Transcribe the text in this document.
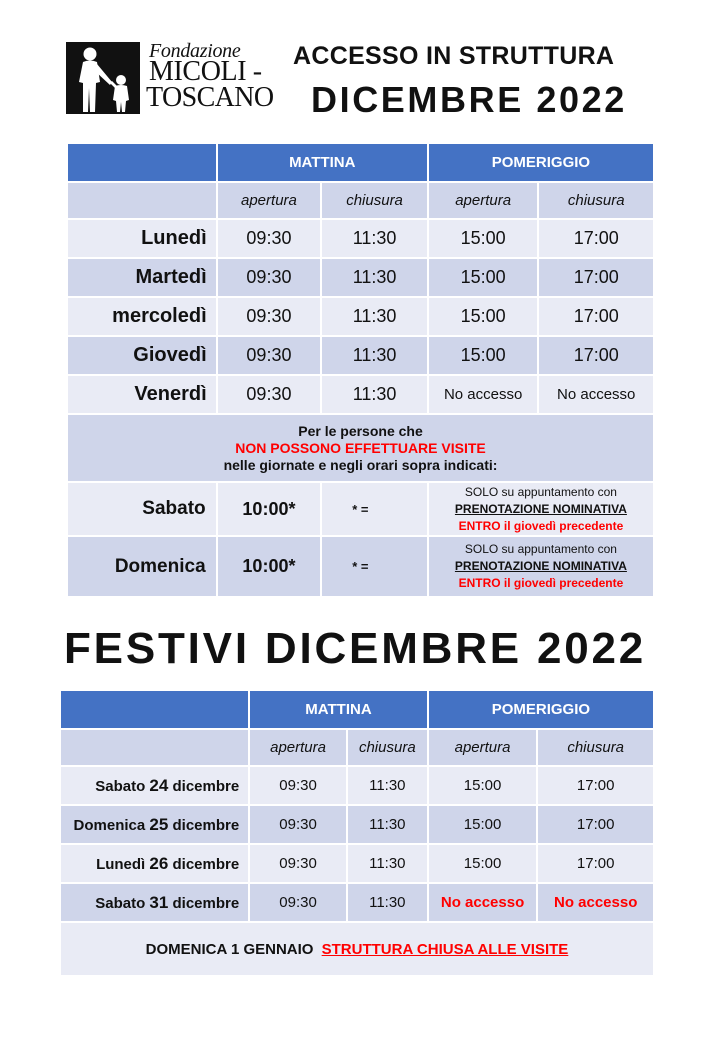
Fondazione
MICOLI -
TOSCANO
ACCESSO IN STRUTTURA
DICEMBRE 2022
	MATTINA		POMERIGGIO	
	apertura	chiusura	apertura	chiusura
Lunedì	09:30	11:30	15:00	17:00
Martedì	09:30	11:30	15:00	17:00
mercoledì	09:30	11:30	15:00	17:00
Giovedì	09:30	11:30	15:00	17:00
Venerdì	09:30	11:30	No accesso	No accesso

Per le persone che
NON POSSONO EFFETTUARE VISITE
nelle giornate e negli orari sopra indicati:				

Sabato	10:00*	* =	SOLO su appuntamento con
PRENOTAZIONE NOMINATIVA
ENTRO il giovedì precedente	

Domenica	10:00*	* =	SOLO su appuntamento con
PRENOTAZIONE NOMINATIVA
ENTRO il giovedì precedente	
FESTIVI DICEMBRE 2022
	MATTINA		POMERIGGIO	
	apertura	chiusura	apertura	chiusura
Sabato 24 dicembre	09:30	11:30	15:00	17:00
Domenica 25 dicembre	09:30	11:30	15:00	17:00
Lunedì 26 dicembre	09:30	11:30	15:00	17:00
Sabato 31 dicembre	09:30	11:30	No accesso	No accesso
DOMENICA 1 GENNAIO STRUTTURA CHIUSA ALLE VISITE				
